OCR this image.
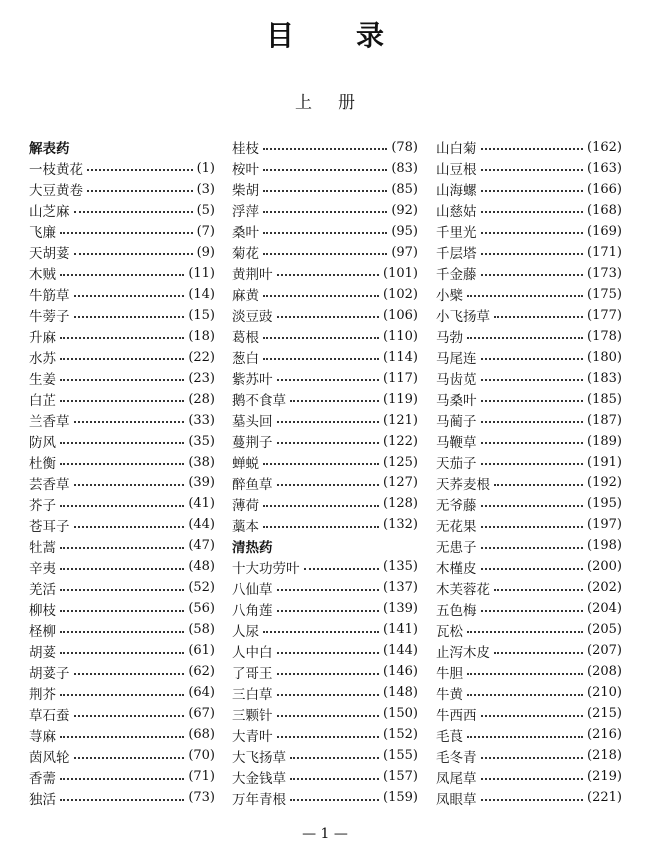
目录
上册
解表药
一枝黄花	(1)
大豆黄卷	(3)
山芝麻	(5)
飞廉	(7)
天胡荽	(9)
木贼	(11)
牛筋草	(14)
牛蒡子	(15)
升麻	(18)
水苏	(22)
生姜	(23)
白芷	(28)
兰香草	(33)
防风	(35)
杜衡	(38)
芸香草	(39)
芥子	(41)
苍耳子	(44)
牡蒿	(47)
辛夷	(48)
羌活	(52)
柳枝	(56)
柽柳	(58)
胡荽	(61)
胡荽子	(62)
荆芥	(64)
草石蚕	(67)
荨麻	(68)
茵风轮	(70)
香薷	(71)
独活	(73)
桂枝	(78)
桉叶	(83)
柴胡	(85)
浮萍	(92)
桑叶	(95)
菊花	(97)
黄荆叶	(101)
麻黄	(102)
淡豆豉	(106)
葛根	(110)
葱白	(114)
紫苏叶	(117)
鹅不食草	(119)
墓头回	(121)
蔓荆子	(122)
蝉蜕	(125)
醉鱼草	(127)
薄荷	(128)
藁本	(132)
清热药
十大功劳叶	(135)
八仙草	(137)
八角莲	(139)
人尿	(141)
人中白	(144)
了哥王	(146)
三白草	(148)
三颗针	(150)
大青叶	(152)
大飞扬草	(155)
大金钱草	(157)
万年青根	(159)
山白菊	(162)
山豆根	(163)
山海螺	(166)
山慈姑	(168)
千里光	(169)
千层塔	(171)
千金藤	(173)
小檗	(175)
小飞扬草	(177)
马勃	(178)
马尾连	(180)
马齿苋	(183)
马桑叶	(185)
马蔺子	(187)
马鞭草	(189)
天茄子	(191)
天荞麦根	(192)
无爷藤	(195)
无花果	(197)
无患子	(198)
木槿皮	(200)
木芙蓉花	(202)
五色梅	(204)
瓦松	(205)
止泻木皮	(207)
牛胆	(208)
牛黄	(210)
牛西西	(215)
毛茛	(216)
毛冬青	(218)
凤尾草	(219)
凤眼草	(221)
— 1 —
